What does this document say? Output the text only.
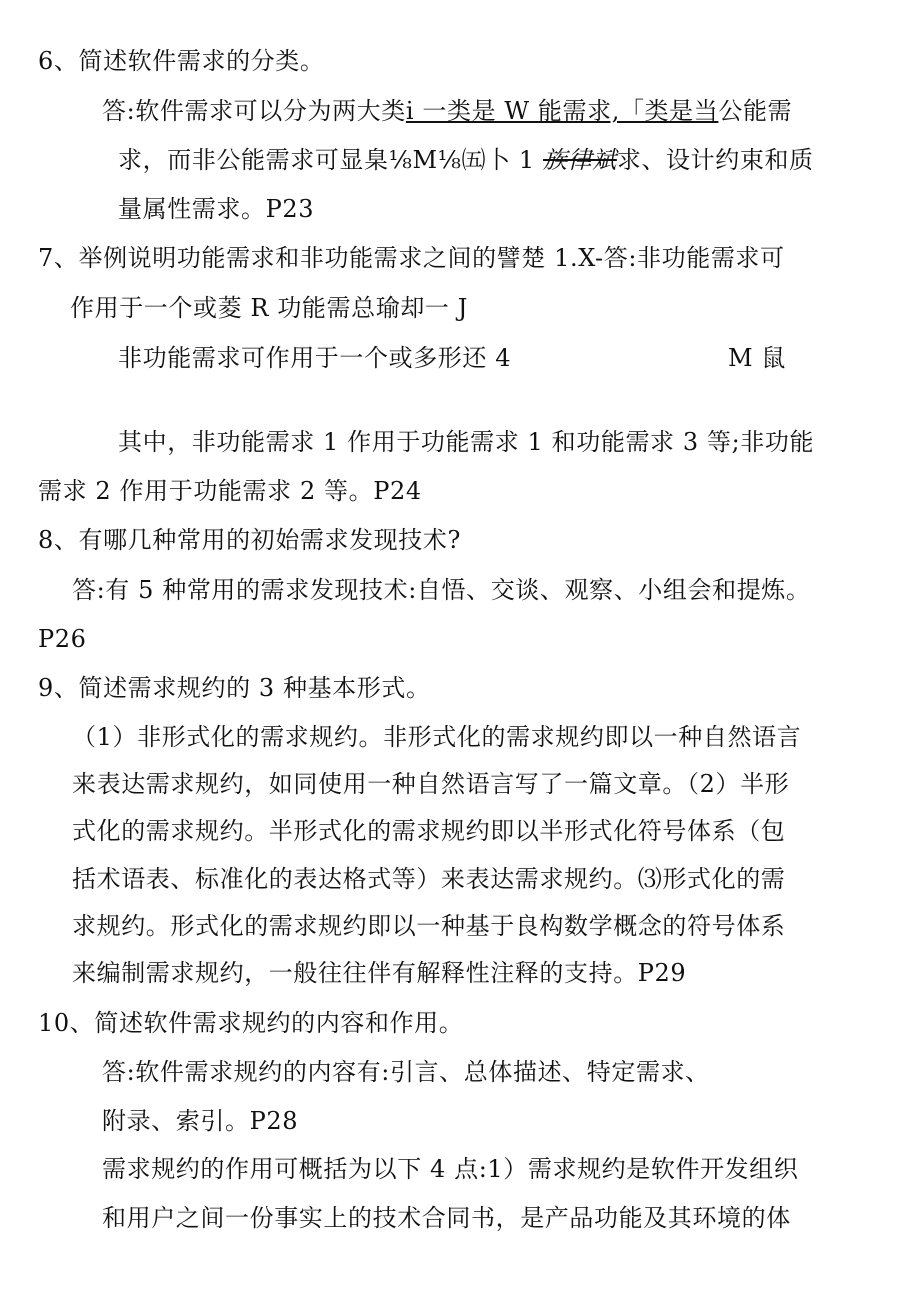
6、简述软件需求的分类。
答:软件需求可以分为两大类i 一类是 W 能需求,「类是当公能需
求，而非公能需求可显臬⅛M⅛㈤卜 1 族律斌求、设计约束和质
量属性需求。P23
7、举例说明功能需求和非功能需求之间的譬楚 1.X-答:非功能需求可
作用于一个或菱 R 功能需总瑜却一 J
非功能需求可作用于一个或多形还 4	M 鼠
其中，非功能需求 1 作用于功能需求 1 和功能需求 3 等;非功能
需求 2 作用于功能需求 2 等。P24
8、有哪几种常用的初始需求发现技术?
答:有 5 种常用的需求发现技术:自悟、交谈、观察、小组会和提炼。
P26
9、简述需求规约的 3 种基本形式。
（1）非形式化的需求规约。非形式化的需求规约即以一种自然语言
来表达需求规约，如同使用一种自然语言写了一篇文章。（2）半形
式化的需求规约。半形式化的需求规约即以半形式化符号体系（包
括术语表、标准化的表达格式等）来表达需求规约。⑶形式化的需
求规约。形式化的需求规约即以一种基于良构数学概念的符号体系
来编制需求规约，一般往往伴有解释性注释的支持。P29
10、简述软件需求规约的内容和作用。
答:软件需求规约的内容有:引言、总体描述、特定需求、
附录、索引。P28
需求规约的作用可概括为以下 4 点:1）需求规约是软件开发组织
和用户之间一份事实上的技术合同书，是产品功能及其环境的体
